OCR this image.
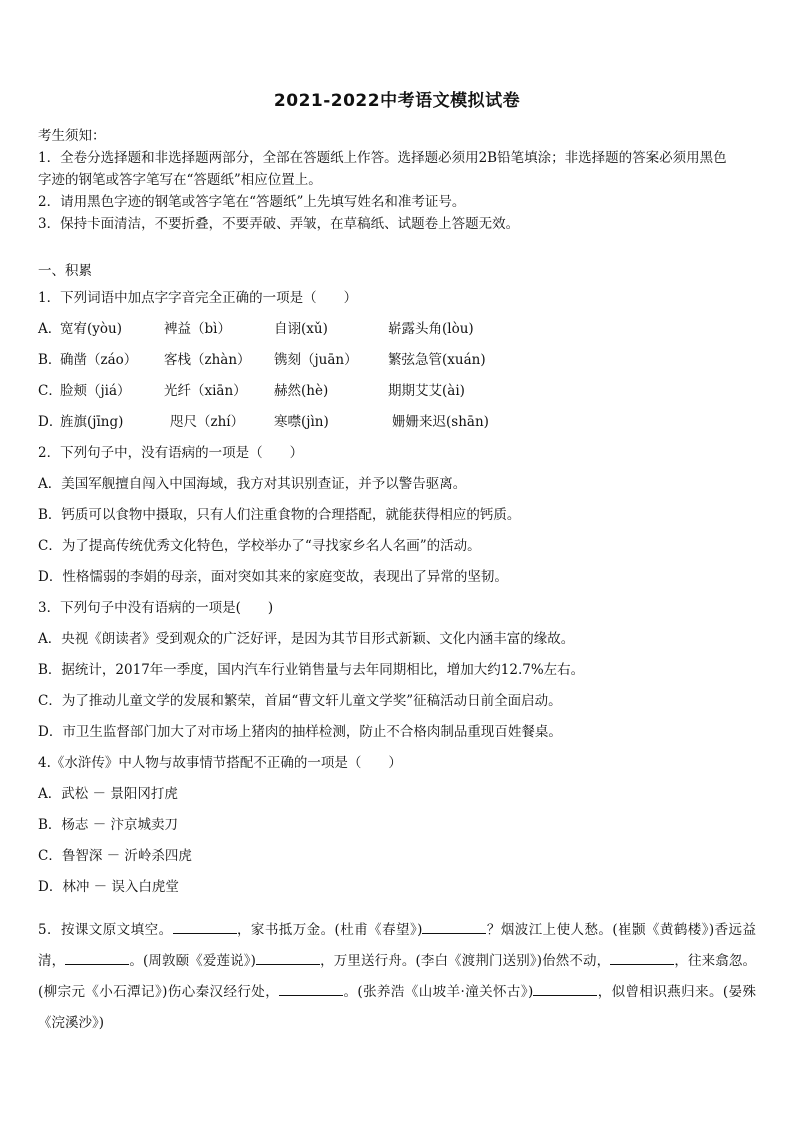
2021-2022中考语文模拟试卷
考生须知：
1．全卷分选择题和非选择题两部分，全部在答题纸上作答。选择题必须用2B铅笔填涂；非选择题的答案必须用黑色
字迹的钢笔或答字笔写在“答题纸”相应位置上。
2．请用黑色字迹的钢笔或答字笔在“答题纸”上先填写姓名和准考证号。
3．保持卡面清洁，不要折叠，不要弄破、弄皱，在草稿纸、试题卷上答题无效。
一、积累
1．下列词语中加点字字音完全正确的一项是（　　）
A．
宽宥(yòu)	裨益（bì）	自诩(xǔ)	崭露头角(lòu)
B．
确凿（záo）	客栈（zhàn）	镌刻（juān）	繁弦急管(xuán)
C．
脸颊（jiá）	光纤（xiān）	赫然(hè)	期期艾艾(ài)
D．
旌旗(jīng)	咫尺（zhí）	寒噤(jìn)	姗姗来迟(shān)
2．下列句子中，没有语病的一项是（　　）
A．美国军舰擅自闯入中国海域，我方对其识别查证，并予以警告驱离。
B．钙质可以食物中摄取，只有人们注重食物的合理搭配，就能获得相应的钙质。
C．为了提高传统优秀文化特色，学校举办了“寻找家乡名人名画”的活动。
D．性格懦弱的李娟的母亲，面对突如其来的家庭变故，表现出了异常的坚韧。
3．下列句子中没有语病的一项是(　　)
A．央视《朗读者》受到观众的广泛好评，是因为其节目形式新颖、文化内涵丰富的缘故。
B．据统计，2017年一季度，国内汽车行业销售量与去年同期相比，增加大约12.7%左右。
C．为了推动儿童文学的发展和繁荣，首届“曹文轩儿童文学奖”征稿活动日前全面启动。
D．市卫生监督部门加大了对市场上猪肉的抽样检测，防止不合格肉制品重现百姓餐桌。
4.《水浒传》中人物与故事情节搭配不正确的一项是（　　）
A．武松 － 景阳冈打虎
B．杨志 － 汴京城卖刀
C．鲁智深 － 沂岭杀四虎
D．林冲 － 误入白虎堂
5．按课文原文填空。	，家书抵万金。(杜甫《春望》)	？烟波江上使人愁。(崔颢《黄鹤楼》)香远益清，	。(周敦颐《爱莲说》)	，万里送行舟。(李白《渡荆门送别》)佁然不动，	，往来翕忽。(柳宗元《小石潭记》)伤心秦汉经行处，	。(张养浩《山坡羊·潼关怀古》)	，似曾相识燕归来。(晏殊《浣溪沙》)
